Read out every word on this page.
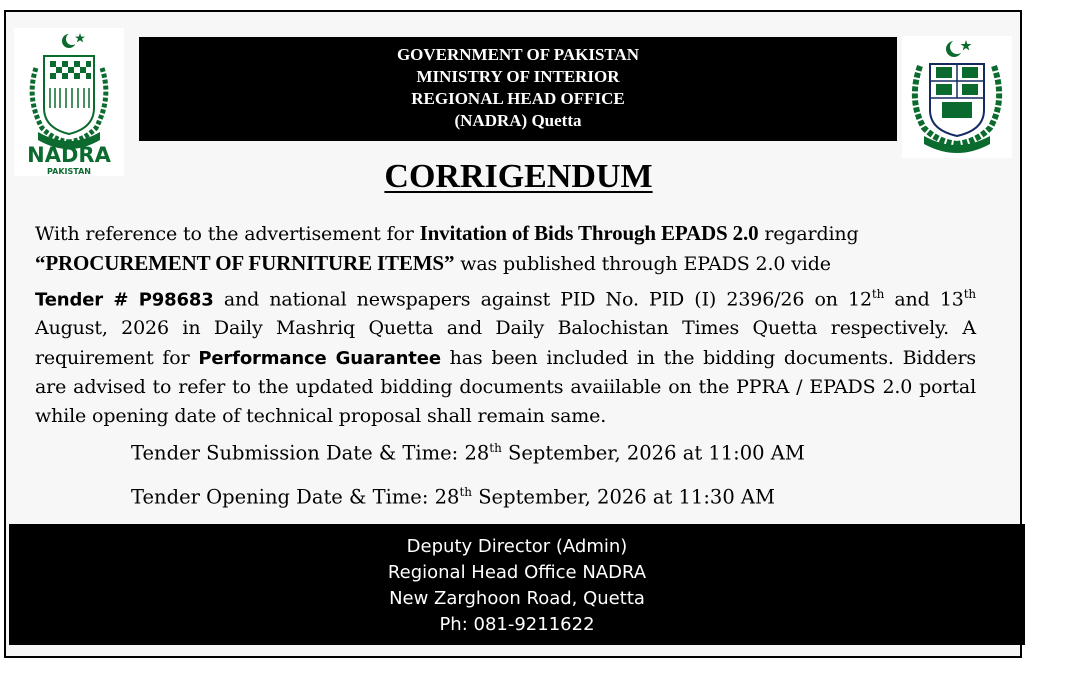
NADRA
PAKISTAN
GOVERNMENT OF PAKISTAN
MINISTRY OF INTERIOR
REGIONAL HEAD OFFICE
(NADRA) Quetta
CORRIGENDUM
With reference to the advertisement for Invitation of Bids Through EPADS 2.0 regarding
“PROCUREMENT OF FURNITURE ITEMS” was published through EPADS 2.0 vide
Tender # P98683 and national newspapers against PID No. PID (I) 2396/26 on 12th and 13th August, 2026 in Daily Mashriq Quetta and Daily Balochistan Times Quetta respectively. A requirement for Performance Guarantee has been included in the bidding documents. Bidders are advised to refer to the updated bidding documents avaiilable on the PPRA / EPADS 2.0 portal while opening date of technical proposal shall remain same.
Tender Submission Date & Time: 28th September, 2026 at 11:00 AM
Tender Opening Date & Time: 28th September, 2026 at 11:30 AM
Deputy Director (Admin)
Regional Head Office NADRA
New Zarghoon Road, Quetta
Ph: 081-9211622
